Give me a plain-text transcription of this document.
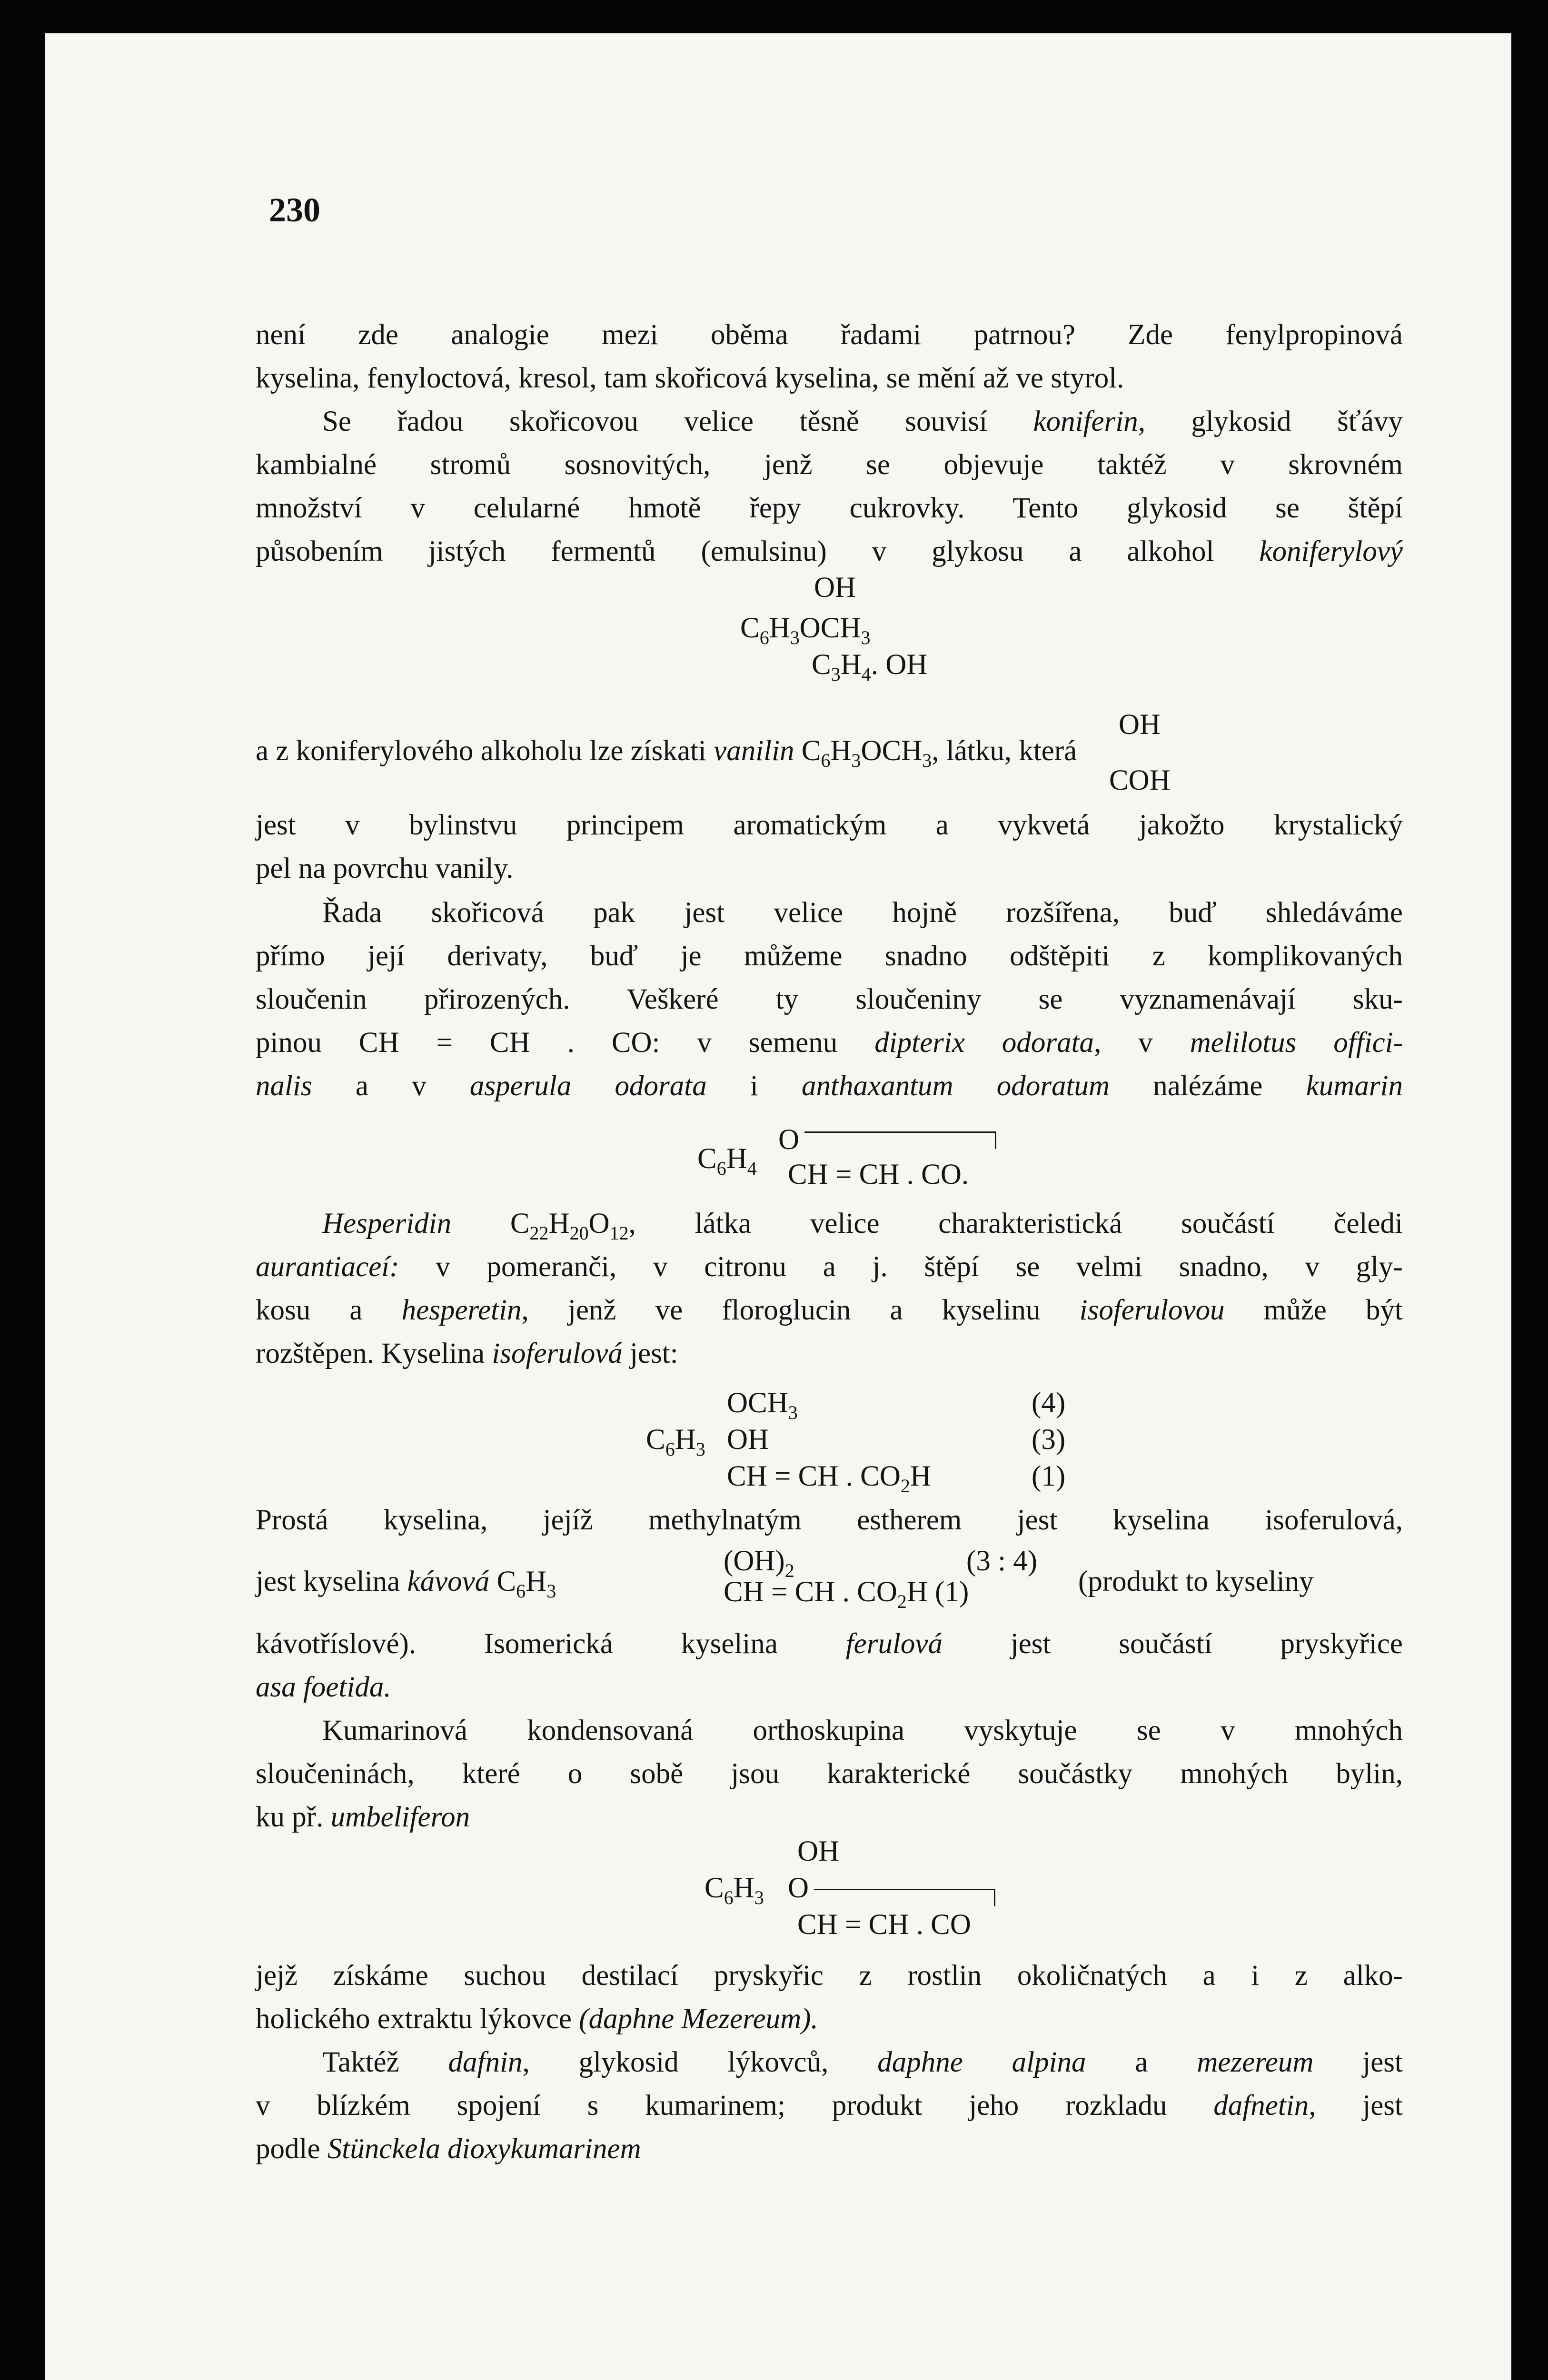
230
není zde analogie mezi oběma řadami patrnou? Zde fenylpropinová
kyselina, fenyloctová, kresol, tam skořicová kyselina, se mění až ve styrol.
Se řadou skořicovou velice těsně souvisí koniferin, glykosid šťávy
kambialné stromů sosnovitých, jenž se objevuje taktéž v skrovném
množství v celularné hmotě řepy cukrovky. Tento glykosid se štěpí
působením jistých fermentů (emulsinu) v glykosu a alkohol koniferylový
OH
$C_6H_3OCH_3$
$C_3H_4$. OH
OH
a z koniferylového alkoholu lze získati vanilin $C_6H_3OCH_3$, látku, která
COH
jest v bylinstvu principem aromatickým a vykvetá jakožto krystalický
pel na povrchu vanily.
Řada skořicová pak jest velice hojně rozšířena, buď shledáváme
přímo její derivaty, buď je můžeme snadno odštěpiti z komplikovaných
sloučenin přirozených. Veškeré ty sloučeniny se vyznamenávají sku-
pinou CH = CH . CO: v semenu dipterix odorata, v melilotus offici-
nalis a v asperula odorata i anthaxantum odoratum nalézáme kumarin
O
$C_6H_4$ CH = CH . CO.
Hesperidin $C_{22}H_{20}O_{12}$, látka velice charakteristická součástí čeledi
aurantiaceí: v pomeranči, v citronu a j. štěpí se velmi snadno, v gly-
kosu a hesperetin, jenž ve floroglucin a kyselinu isoferulovou může být
rozštěpen. Kyselina isoferulová jest:
$OCH_3$	(4)
$C_6H_3$ OH	(3)
CH = CH . $CO_2H$	(1)
Prostá kyselina, jejíž methylnatým estherem jest kyselina isoferulová,
jest kyselina kávová $C_6H_3$
$(OH)_2$	(3 : 4)
CH = CH . $CO_2H$ (1)	(produkt to kyseliny
kávotříslové). Isomerická kyselina ferulová jest součástí pryskyřice
asa foetida.
Kumarinová kondensovaná orthoskupina vyskytuje se v mnohých
sloučeninách, které o sobě jsou karakterické součástky mnohých bylin,
ku př. umbeliferon
OH
$C_6H_3$ O
CH = CH . CO
jejž získáme suchou destilací pryskyřic z rostlin okoličnatých a i z alko-
holického extraktu lýkovce (daphne Mezereum).
Taktéž dafnin, glykosid lýkovců, daphne alpina a mezereum jest
v blízkém spojení s kumarinem; produkt jeho rozkladu dafnetin, jest
podle Stünckela dioxykumarinem
